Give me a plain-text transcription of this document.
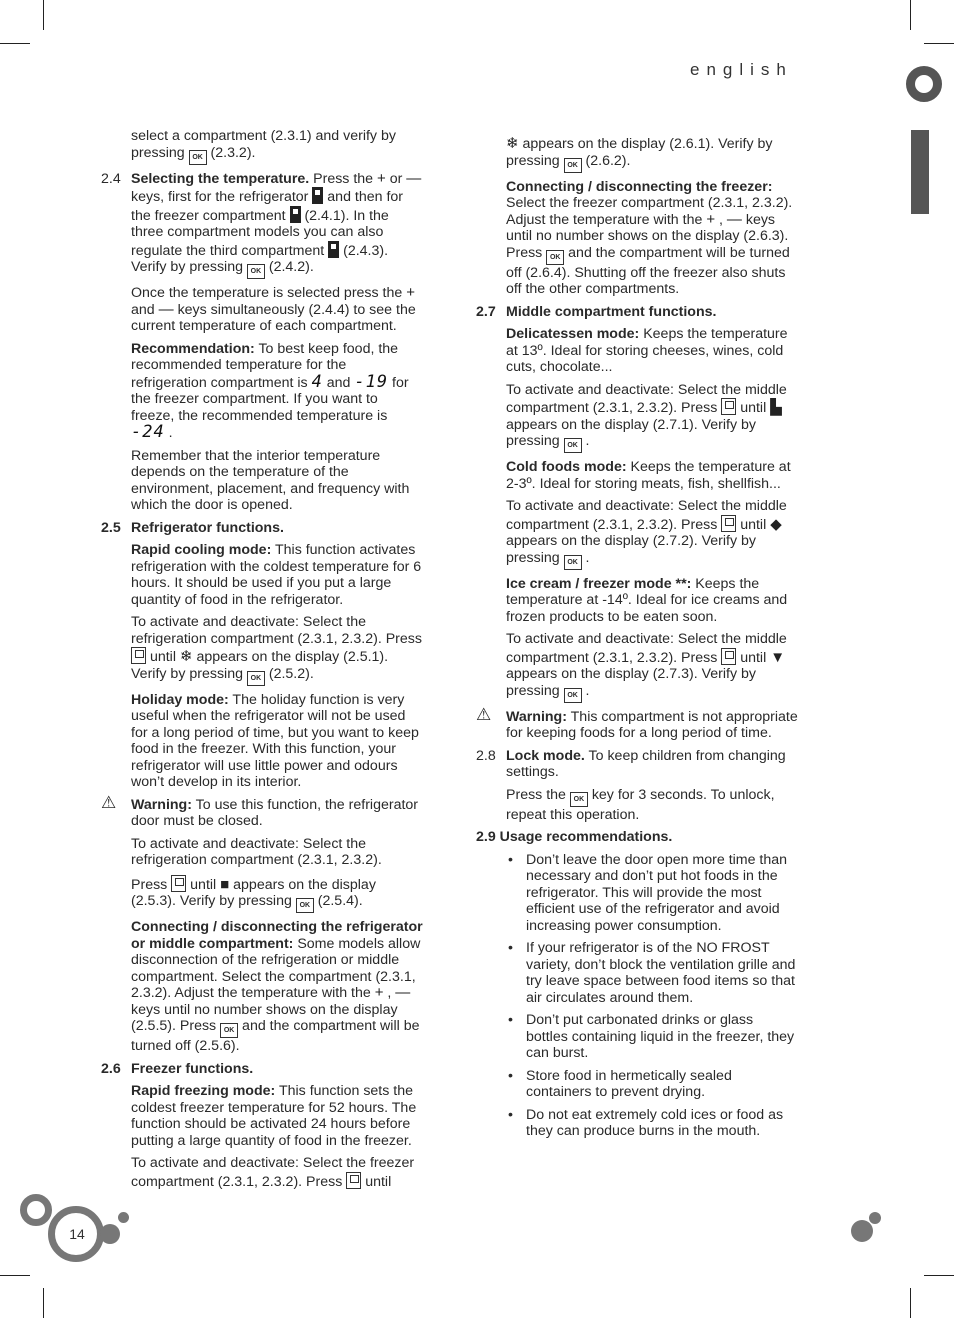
english

select a compartment (2.3.1) and verify by pressing OK (2.3.2).

2.4 Selecting the temperature. Press the + or — keys, first for the refrigerator  and then for the freezer compartment  (2.4.1). In the three compartment models you can also regulate the third compartment  (2.4.3). Verify by pressing OK (2.4.2).

Once the temperature is selected press the + and — keys simultaneously (2.4.4) to see the current temperature of each compartment.

Recommendation: To best keep food, the recommended temperature for the refrigeration compartment is 4 and -19 for the freezer compartment. If you want to freeze, the recommended temperature is -24 .

Remember that the interior temperature depends on the temperature of the environment, placement, and frequency with which the door is opened.

2.5 Refrigerator functions.

Rapid cooling mode: This function activates refrigeration with the coldest temperature for 6 hours. It should be used if you put a large quantity of food in the refrigerator.

To activate and deactivate: Select the refrigeration compartment (2.3.1, 2.3.2). Press  until ❄ appears on the display (2.5.1). Verify by pressing OK (2.5.2).

Holiday mode: The holiday function is very useful when the refrigerator will not be used for a long period of time, but you want to keep food in the freezer. With this function, your refrigerator will use little power and odours won’t develop in its interior.

⚠ Warning: To use this function, the refrigerator door must be closed.

To activate and deactivate: Select the refrigeration compartment (2.3.1, 2.3.2).

Press  until ■ appears on the display (2.5.3). Verify by pressing OK (2.5.4).

Connecting / disconnecting the refrigerator or middle compartment: Some models allow disconnection of the refrigeration or middle compartment. Select the compartment (2.3.1, 2.3.2). Adjust the temperature with the + , — keys until no number shows on the display (2.5.5). Press OK and the compartment will be turned off (2.5.6).

2.6 Freezer functions.

Rapid freezing mode: This function sets the coldest freezer temperature for 52 hours. The function should be activated 24 hours before putting a large quantity of food in the freezer.

To activate and deactivate: Select the freezer compartment (2.3.1, 2.3.2). Press  until

❄ appears on the display (2.6.1). Verify by pressing OK (2.6.2).

Connecting / disconnecting the freezer: Select the freezer compartment (2.3.1, 2.3.2). Adjust the temperature with the + , — keys until no number shows on the display (2.6.3). Press OK and the compartment will be turned off (2.6.4). Shutting off the freezer also shuts off the other compartments.

2.7 Middle compartment functions.

Delicatessen mode: Keeps the temperature at 13º. Ideal for storing cheeses, wines, cold cuts, chocolate...

To activate and deactivate: Select the middle compartment (2.3.1, 2.3.2). Press  until ▙ appears on the display (2.7.1). Verify by pressing OK .

Cold foods mode: Keeps the temperature at 2-3º. Ideal for storing meats, fish, shellfish...

To activate and deactivate: Select the middle compartment (2.3.1, 2.3.2). Press  until ◆ appears on the display (2.7.2). Verify by pressing OK .

Ice cream / freezer mode **: Keeps the temperature at -14º. Ideal for ice creams and frozen products to be eaten soon.

To activate and deactivate: Select the middle compartment (2.3.1, 2.3.2). Press  until ▼ appears on the display (2.7.3). Verify by pressing OK .

⚠ Warning: This compartment is not appropriate for keeping foods for a long period of time.

2.8 Lock mode. To keep children from changing settings.

Press the OK key for 3 seconds. To unlock, repeat this operation.

2.9 Usage recommendations.

• Don’t leave the door open more time than necessary and don’t put hot foods in the refrigerator. This will provide the most efficient use of the refrigerator and avoid increasing power consumption.
• If your refrigerator is of the NO FROST variety, don’t block the ventilation grille and try leave space between food items so that air circulates around them.
• Don’t put carbonated drinks or glass bottles containing liquid in the freezer, they can burst.
• Store food in hermetically sealed containers to prevent drying.
• Do not eat extremely cold ices or food as they can produce burns in the mouth.
14
